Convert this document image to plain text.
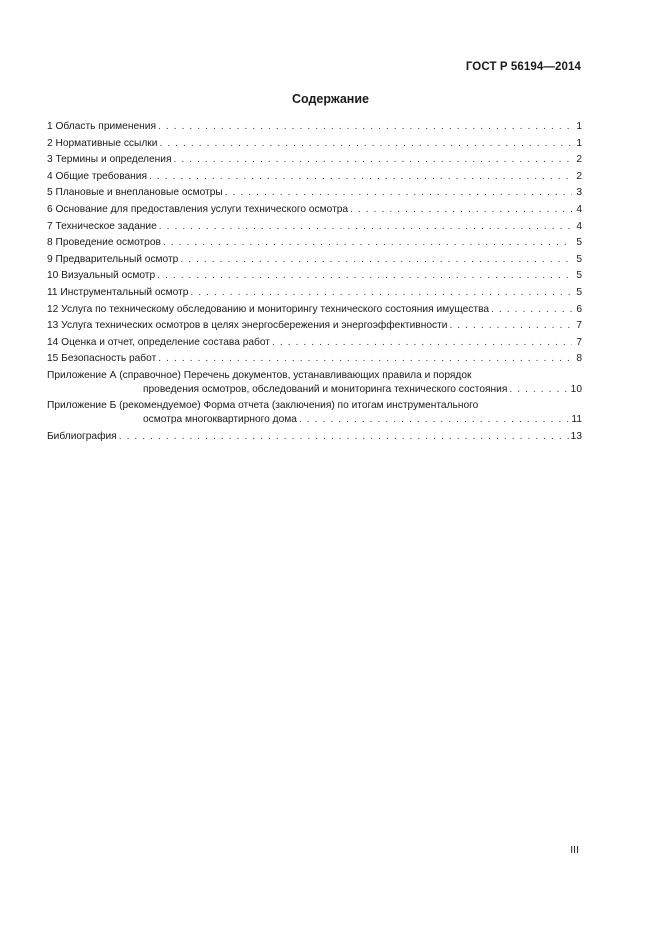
ГОСТ Р 56194—2014
Содержание
1 Область применения . . .	1
2 Нормативные ссылки . . .	1
3 Термины и определения . . .	2
4 Общие требования . . .	2
5 Плановые и внеплановые осмотры . . .	3
6 Основание для предоставления услуги технического осмотра . . .	4
7 Техническое задание . . .	4
8 Проведение осмотров . . .	5
9 Предварительный осмотр . . .	5
10 Визуальный осмотр . . .	5
11 Инструментальный осмотр . . .	5
12 Услуга по техническому обследованию и мониторингу технического состояния имущества . . .	6
13 Услуга технических осмотров в целях энергосбережения и энергоэффективности . . .	7
14 Оценка и отчет, определение состава работ . . .	7
15 Безопасность работ . . .	8
Приложение А (справочное) Перечень документов, устанавливающих правила и порядок
проведения осмотров, обследований и мониторинга технического состояния . . .	10
Приложение Б (рекомендуемое) Форма отчета (заключения) по итогам инструментального
осмотра многоквартирного дома . . .	11
Библиография . . .	13
III
